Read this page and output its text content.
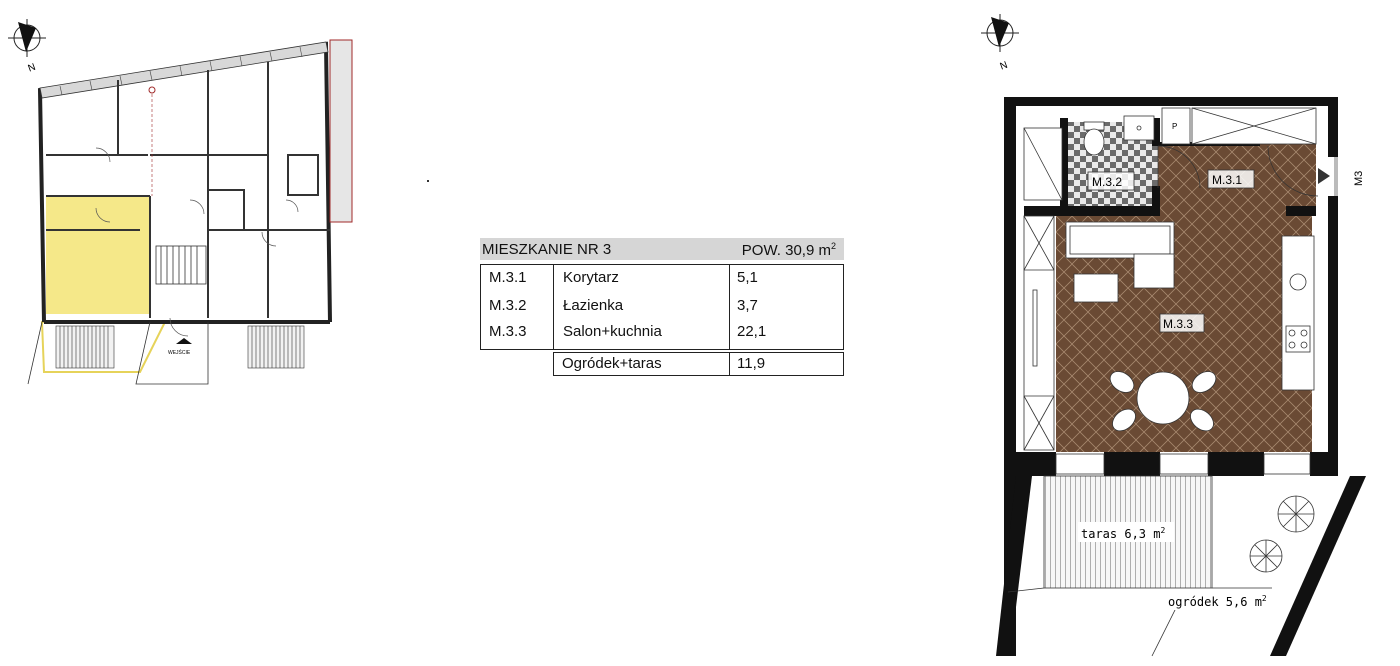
N
WEJŚCIE
MIESZKANIE NR 3	POW. 30,9 $m^2$
M.3.1 Korytarz	5,1
M.3.2 Łazienka	3,7
M.3.3 Salon+kuchnia	22,1
Ogródek+taras	11,9
N
M3
P
M.3.2	M.3.1
M.3.3
taras 6,3 $m^2$
ogródek 5,6 $m^2$
